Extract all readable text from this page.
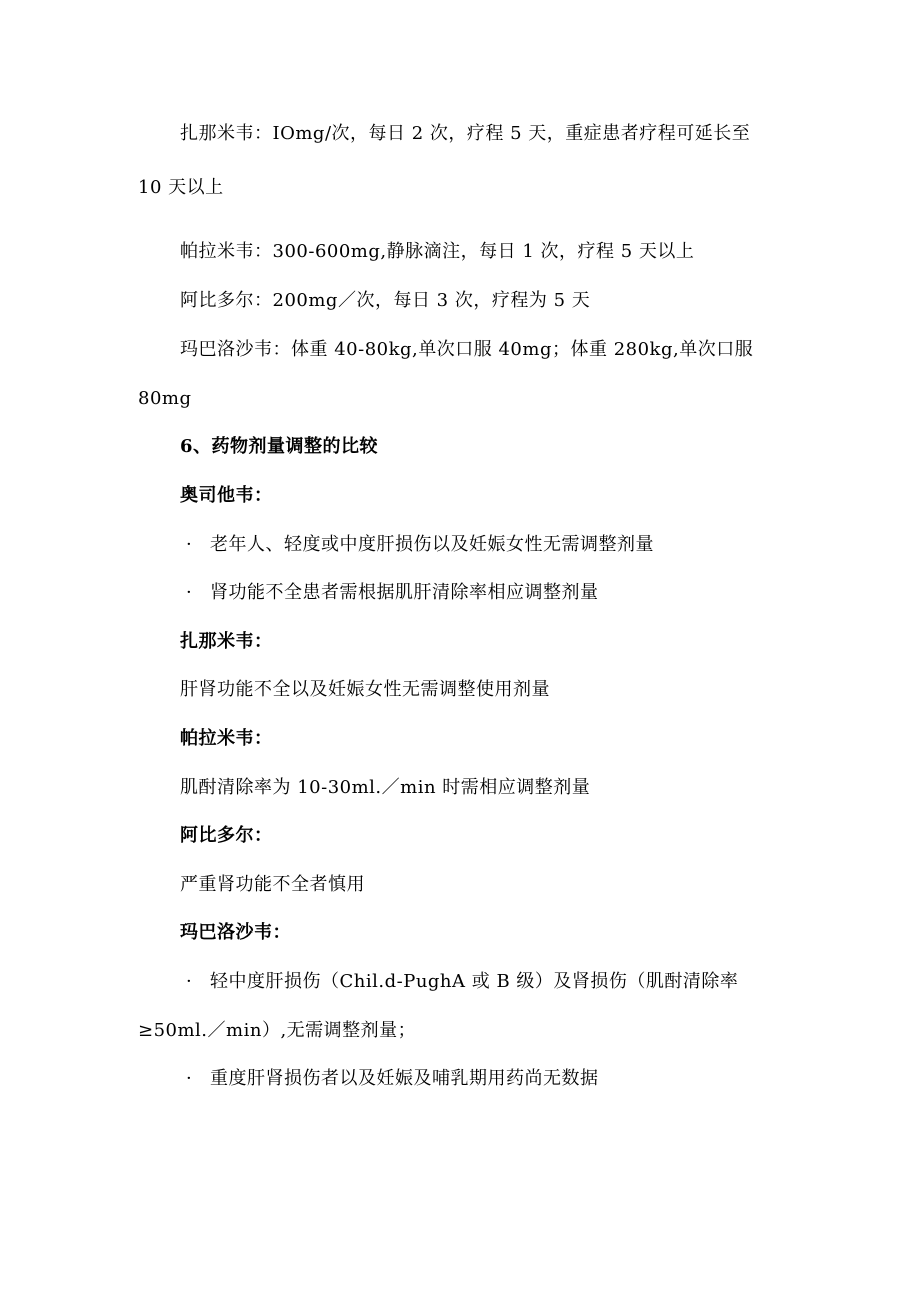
扎那米韦：IOmg/次，每日 2 次，疗程 5 天，重症患者疗程可延长至
10 天以上
帕拉米韦：300-600mg,静脉滴注，每日 1 次，疗程 5 天以上
阿比多尔：200mg／次，每日 3 次，疗程为 5 天
玛巴洛沙韦：体重 40-80kg,单次口服 40mg；体重 280kg,单次口服
80mg
6、药物剂量调整的比较
奥司他韦：
· 老年人、轻度或中度肝损伤以及妊娠女性无需调整剂量
· 肾功能不全患者需根据肌肝清除率相应调整剂量
扎那米韦：
肝肾功能不全以及妊娠女性无需调整使用剂量
帕拉米韦：
肌酎清除率为 10-30ml.／min 时需相应调整剂量
阿比多尔：
严重肾功能不全者慎用
玛巴洛沙韦：
· 轻中度肝损伤（Chil.d-PughA 或 B 级）及肾损伤（肌酎清除率
≥50ml.／min）,无需调整剂量；
· 重度肝肾损伤者以及妊娠及哺乳期用药尚无数据
